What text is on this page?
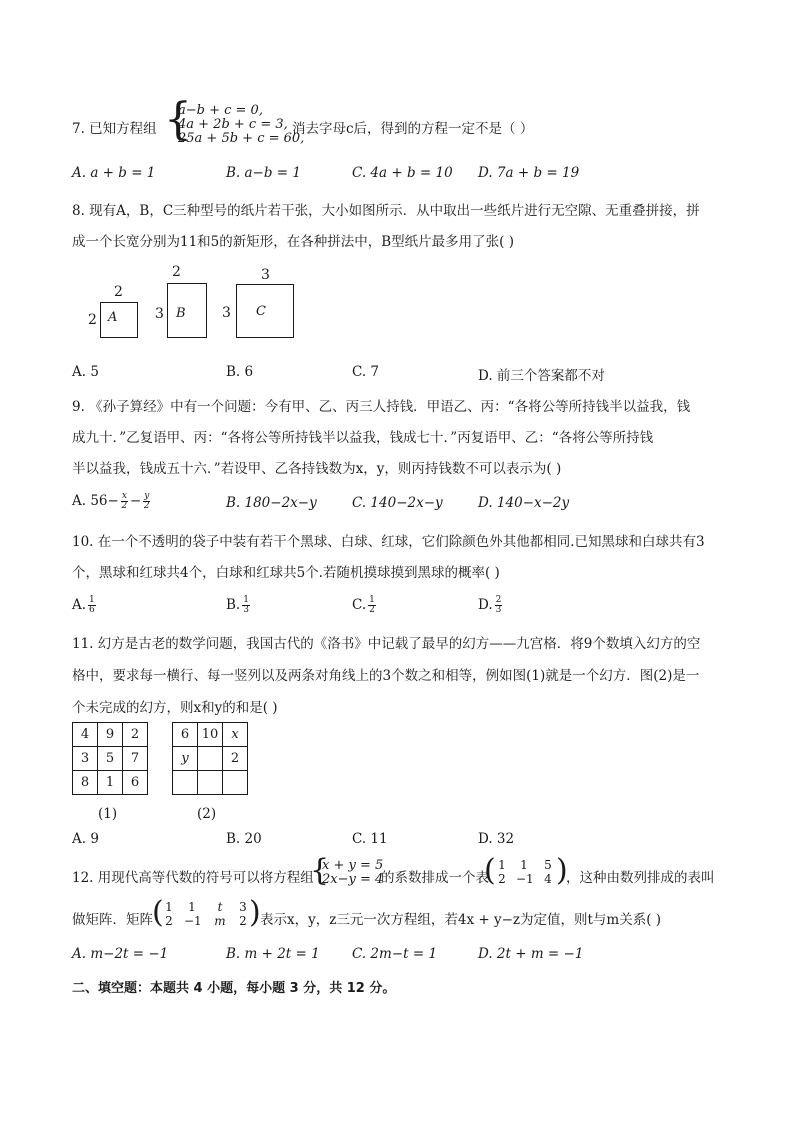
7. 已知方程组 {
a−b + c = 0,
4a + 2b + c = 3,
25a + 5b + c = 60,
消去字母c后，得到的方程一定不是（ ）
A. a + b = 1	B. a−b = 1	C. 4a + b = 10 D. 7a + b = 19
8. 现有A，B，C三种型号的纸片若干张，大小如图所示．从中取出一些纸片进行无空隙、无重叠拼接，拼
成一个长宽分别为11和5的新矩形，在各种拼法中，B型纸片最多用了张( )
2
2 A
2
3 B
3
3 C
A. 5	B. 6	C. 7	D. 前三个答案都不对
9. 《孙子算经》中有一个问题：今有甲、乙、丙三人持钱．甲语乙、丙：“各将公等所持钱半以益我，钱
成九十．”乙复语甲、丙：“各将公等所持钱半以益我，钱成七十．”丙复语甲、乙：“各将公等所持钱
半以益我，钱成五十六．”若设甲、乙各持钱数为x，y，则丙持钱数不可以表示为( )
A. $56- \frac{x}{2} - \frac{y}{2}$	B. 180−2x−y	C. 140−2x−y	D. 140−x−2y
10. 在一个不透明的袋子中装有若干个黑球、白球、红球，它们除颜色外其他都相同.已知黑球和白球共有3
个，黑球和红球共4个，白球和红球共5个.若随机摸球摸到黑球的概率( )
A. $\frac{1}{6}$	B. $\frac{1}{3}$	C. $\frac{1}{2}$	D. $\frac{2}{3}$
11. 幻方是古老的数学问题，我国古代的《洛书》中记载了最早的幻方——九宫格．将9个数填入幻方的空
格中，要求每一横行、每一竖列以及两条对角线上的3个数之和相等，例如图(1)就是一个幻方．图(2)是一
个未完成的幻方，则x和y的和是( )
4	9	2
3	5	7
8	1	6
(1)
6	10	x
y		2

(2)
A. 9	B. 20	C. 11	D. 32
12. 用现代高等代数的符号可以将方程组
{
x + y = 5
2x−y = 4
的系数排成一个表
( 1	1	5
2 −1 4 )
，这种由数列排成的表叫
做矩阵．矩阵 ( 1	1	t	3
2 −1 m	2 ) 表示x，y，z三元一次方程组，若4x + y−z为定值，则t与m关系( )
A. m−2t = −1	B. m + 2t = 1 C. 2m−t = 1	D. 2t + m = −1
二、填空题：本题共 4 小题，每小题 3 分，共 12 分。
